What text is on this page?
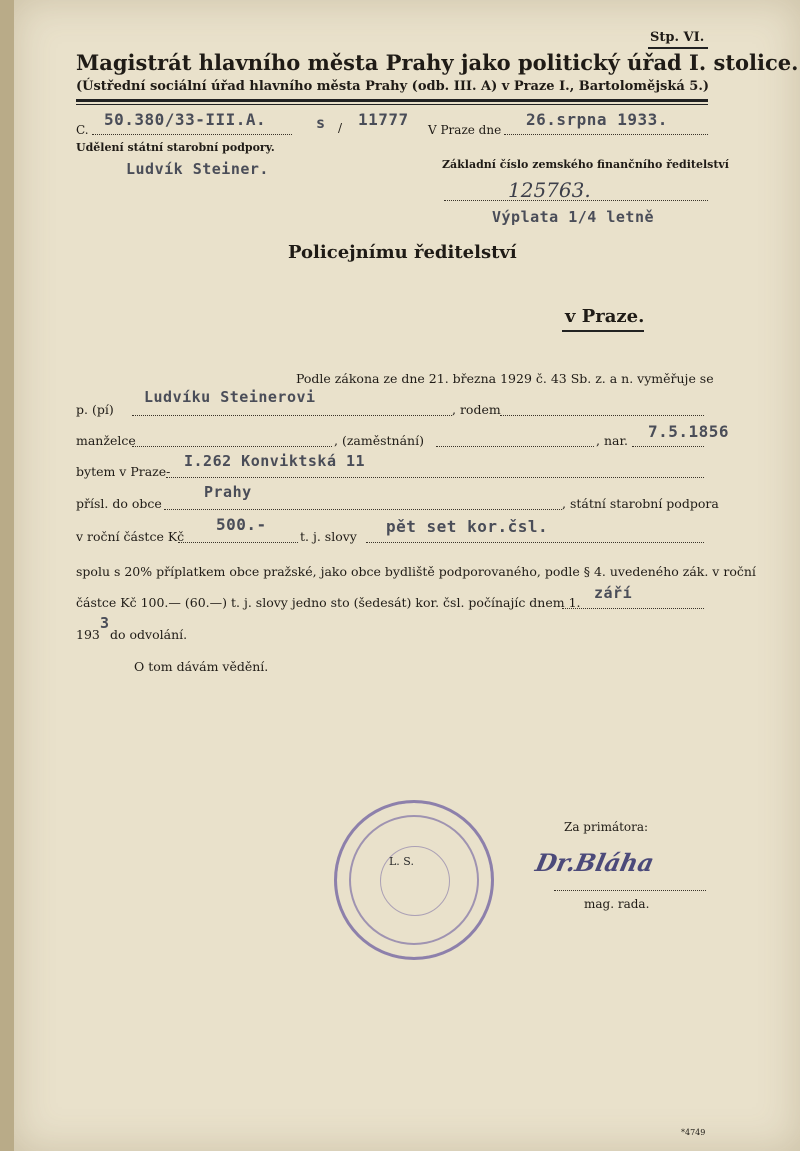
Stp. VI.
Magistrát hlavního města Prahy jako politický úřad I. stolice.
(Ústřední sociální úřad hlavního města Prahy (odb. III. A) v Praze I., Bartolomějská 5.)
C.
50.380/33-III.A.	s / 11777
V Praze dne
26.srpna 1933.
Udělení státní starobní podpory.
Ludvík Steiner.	Základní číslo zemského finančního ředitelství
125763.
Výplata 1/4 letně
Policejnímu ředitelství
v Praze.
Podle zákona ze dne 21. března 1929 č. 43 Sb. z. a n. vyměřuje se
p. (pí)
Ludvíku Steinerovi
, rodem
manželce	, (zaměstnání)	, nar. 7.5.1856
bytem v Praze-
I.262 Konviktská 11
přísl. do obce
Prahy
, státní starobní podpora
v roční částce Kč
500.-
t. j. slovy
pět set kor.čsl.
spolu s 20% příplatkem obce pražské, jako obce bydliště podporovaného, podle § 4. uvedeného zák. v roční
částce Kč 100.— (60.—) t. j. slovy jedno sto (šedesát) kor. čsl. počínajíc dnem 1.
září
193
3
do odvolání.
O tom dávám vědění.
L. S.
Za primátora:
Dr.Bláha
mag. rada.
*4749
